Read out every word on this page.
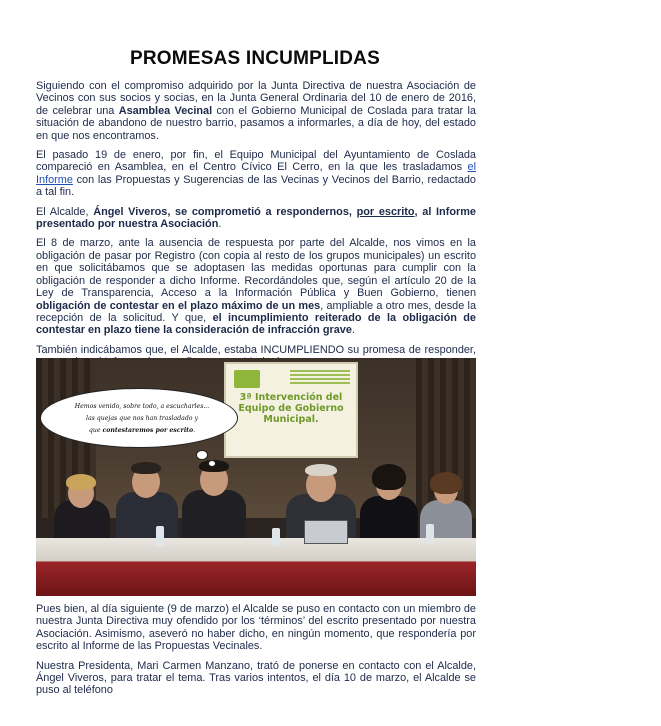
PROMESAS INCUMPLIDAS

Siguiendo con el compromiso adquirido por la Junta Directiva de nuestra Asociación de Vecinos con sus socios y socias, en la Junta General Ordinaria del 10 de enero de 2016, de celebrar una Asamblea Vecinal con el Gobierno Municipal de Coslada para tratar la situación de abandono de nuestro barrio, pasamos a informarles, a día de hoy, del estado en que nos encontramos.

El pasado 19 de enero, por fin, el Equipo Municipal del Ayuntamiento de Coslada compareció en Asamblea, en el Centro Cívico El Cerro, en la que les trasladamos el Informe con las Propuestas y Sugerencias de las Vecinas y Vecinos del Barrio, redactado a tal fin.

El Alcalde, Ángel Viveros, se comprometió a respondernos, por escrito, al Informe presentado por nuestra Asociación.

El 8 de marzo, ante la ausencia de respuesta por parte del Alcalde, nos vimos en la obligación de pasar por Registro (con copia al resto de los grupos municipales) un escrito en que solicitábamos que se adoptasen las medidas oportunas para cumplir con la obligación de responder a dicho Informe. Recordándoles que, según el artículo 20 de la Ley de Transparencia, Acceso a la Información Pública y Buen Gobierno, tienen obligación de contestar en el plazo máximo de un mes, ampliable a otro mes, desde la recepción de la solicitud. Y que, el incumplimiento reiterado de la obligación de contestar en plazo tiene la consideración de infracción grave.

También indicábamos que, el Alcalde, estaba INCUMPLIENDO su promesa de responder,

3ª Intervención del Equipo de Gobierno Municipal.
Hemos venido, sobre todo, a escucharles...
las quejas que nos han trasladado y
que contestaremos por escrito.

Pues bien, al día siguiente (9 de marzo) el Alcalde se puso en contacto con un miembro de nuestra Junta Directiva muy ofendido por los ‘términos’ del escrito presentado por nuestra Asociación. Asimismo, aseveró no haber dicho, en ningún momento, que respondería por escrito al Informe de las Propuestas Vecinales.

Nuestra Presidenta, Mari Carmen Manzano, trató de ponerse en contacto con el Alcalde, Ángel Viveros, para tratar el tema. Tras varios intentos, el día 10 de marzo, el Alcalde se puso al teléfono
